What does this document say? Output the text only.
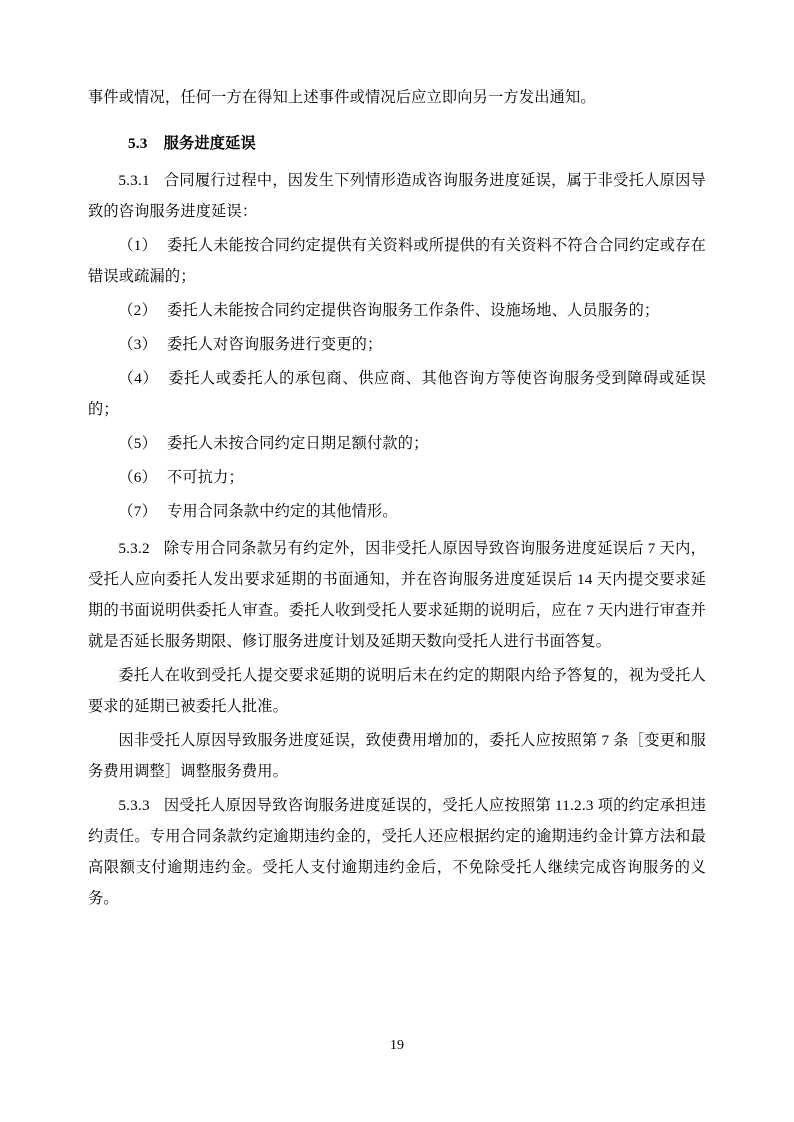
事件或情况，任何一方在得知上述事件或情况后应立即向另一方发出通知。

5.3 服务进度延误

5.3.1 合同履行过程中，因发生下列情形造成咨询服务进度延误，属于非受托人原因导致的咨询服务进度延误：

（1） 委托人未能按合同约定提供有关资料或所提供的有关资料不符合合同约定或存在错误或疏漏的；

（2） 委托人未能按合同约定提供咨询服务工作条件、设施场地、人员服务的；

（3） 委托人对咨询服务进行变更的；

（4） 委托人或委托人的承包商、供应商、其他咨询方等使咨询服务受到障碍或延误的；

（5） 委托人未按合同约定日期足额付款的；

（6） 不可抗力；

（7） 专用合同条款中约定的其他情形。

5.3.2 除专用合同条款另有约定外，因非受托人原因导致咨询服务进度延误后 7 天内，受托人应向委托人发出要求延期的书面通知，并在咨询服务进度延误后 14 天内提交要求延期的书面说明供委托人审查。委托人收到受托人要求延期的说明后，应在 7 天内进行审查并就是否延长服务期限、修订服务进度计划及延期天数向受托人进行书面答复。

委托人在收到受托人提交要求延期的说明后未在约定的期限内给予答复的，视为受托人要求的延期已被委托人批准。

因非受托人原因导致服务进度延误，致使费用增加的，委托人应按照第 7 条［变更和服务费用调整］调整服务费用。

5.3.3 因受托人原因导致咨询服务进度延误的，受托人应按照第 11.2.3 项的约定承担违约责任。专用合同条款约定逾期违约金的，受托人还应根据约定的逾期违约金计算方法和最高限额支付逾期违约金。受托人支付逾期违约金后，不免除受托人继续完成咨询服务的义务。

19
